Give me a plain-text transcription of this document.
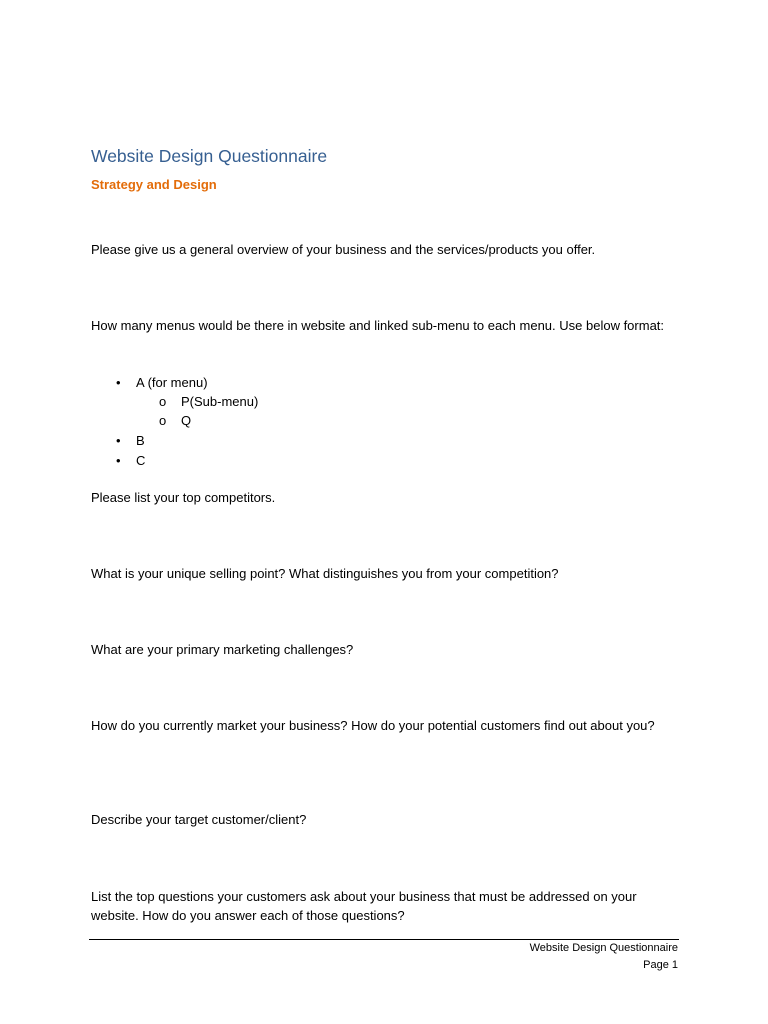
Website Design Questionnaire
Strategy and Design
Please give us a general overview of your business and the services/products you offer.
How many menus would be there in website and linked sub-menu to each menu. Use below format:
• A (for menu)
o P(Sub-menu)
o Q
• B
• C
Please list your top competitors.
What is your unique selling point? What distinguishes you from your competition?
What are your primary marketing challenges?
How do you currently market your business? How do your potential customers find out about you?
Describe your target customer/client?
List the top questions your customers ask about your business that must be addressed on your website. How do you answer each of those questions?
Website Design Questionnaire
Page 1
